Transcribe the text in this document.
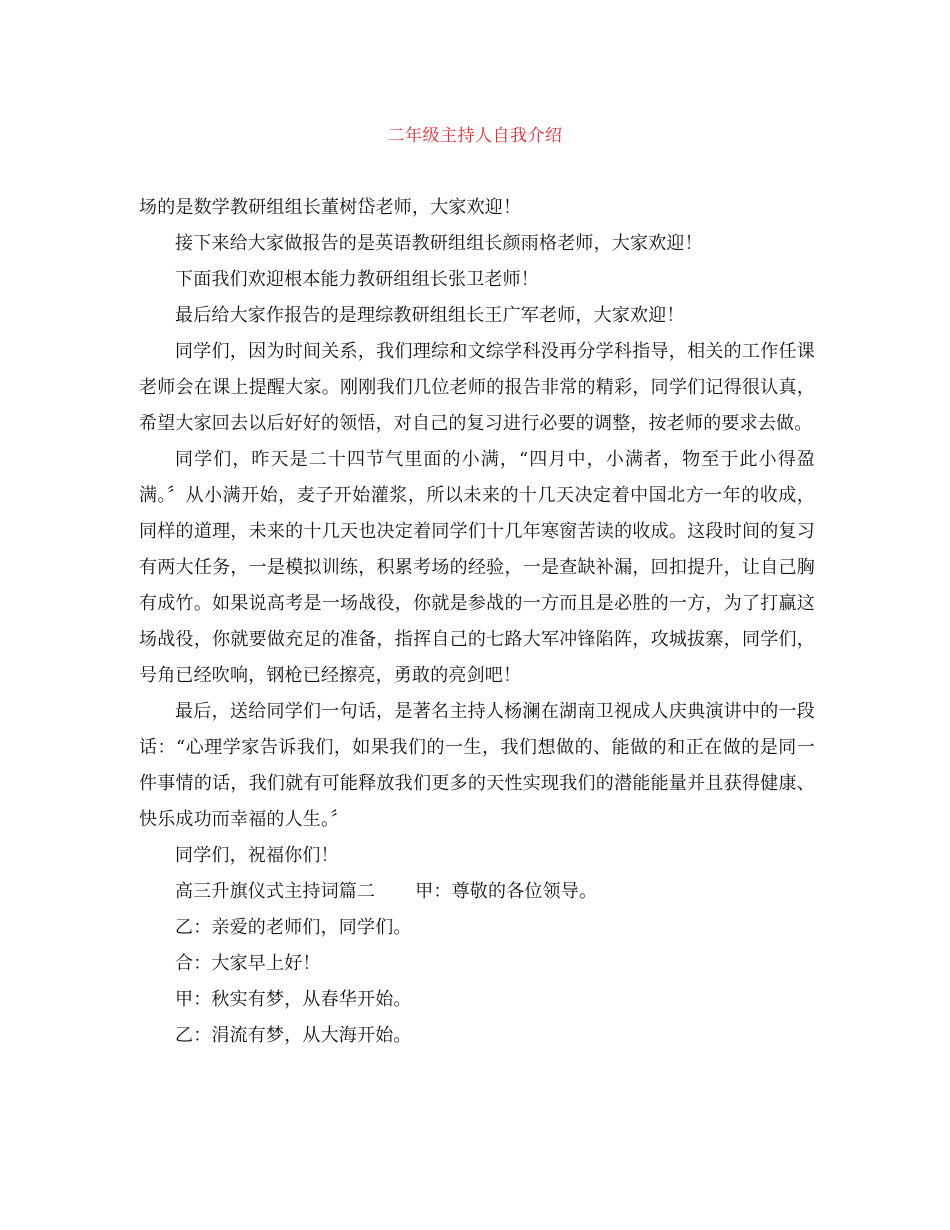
二年级主持人自我介绍

场的是数学教研组组长董树岱老师，大家欢迎！

接下来给大家做报告的是英语教研组组长颜雨格老师，大家欢迎！

下面我们欢迎根本能力教研组组长张卫老师！

最后给大家作报告的是理综教研组组长王广军老师，大家欢迎！

同学们，因为时间关系，我们理综和文综学科没再分学科指导，相关的工作任课老师会在课上提醒大家。刚刚我们几位老师的报告非常的精彩，同学们记得很认真，希望大家回去以后好好的领悟，对自己的复习进行必要的调整，按老师的要求去做。

同学们，昨天是二十四节气里面的小满，“四月中，小满者，物至于此小得盈满。〞从小满开始，麦子开始灌浆，所以未来的十几天决定着中国北方一年的收成，同样的道理，未来的十几天也决定着同学们十几年寒窗苦读的收成。这段时间的复习有两大任务，一是模拟训练，积累考场的经验，一是查缺补漏，回扣提升，让自己胸有成竹。如果说高考是一场战役，你就是参战的一方而且是必胜的一方，为了打赢这场战役，你就要做充足的准备，指挥自己的七路大军冲锋陷阵，攻城拔寨，同学们，号角已经吹响，钢枪已经擦亮，勇敢的亮剑吧！

最后，送给同学们一句话，是著名主持人杨澜在湖南卫视成人庆典演讲中的一段话：“心理学家告诉我们，如果我们的一生，我们想做的、能做的和正在做的是同一件事情的话，我们就有可能释放我们更多的天性实现我们的潜能能量并且获得健康、快乐成功而幸福的人生。〞

同学们，祝福你们！

高三升旗仪式主持词篇二 甲：尊敬的各位领导。

乙：亲爱的老师们，同学们。

合：大家早上好！

甲：秋实有梦，从春华开始。

乙：涓流有梦，从大海开始。
